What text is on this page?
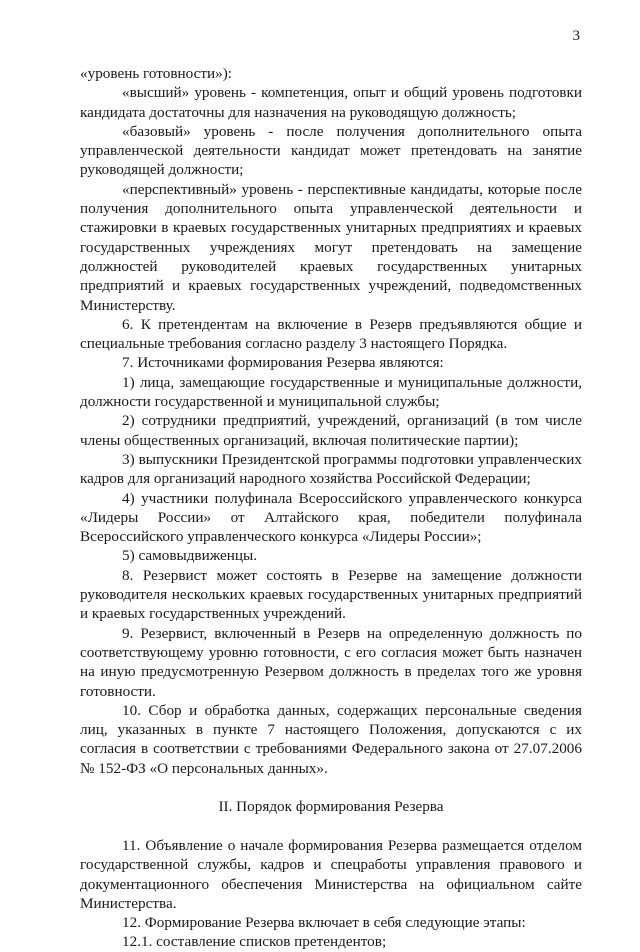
3

«уровень готовности»):

«высший» уровень - компетенция, опыт и общий уровень подготовки кандидата достаточны для назначения на руководящую должность;

«базовый» уровень - после получения дополнительного опыта управленческой деятельности кандидат может претендовать на занятие руководящей должности;

«перспективный» уровень - перспективные кандидаты, которые после получения дополнительного опыта управленческой деятельности и стажировки в краевых государственных унитарных предприятиях и краевых государственных учреждениях могут претендовать на замещение должностей руководителей краевых государственных унитарных предприятий и краевых государственных учреждений, подведомственных Министерству.

6. К претендентам на включение в Резерв предъявляются общие и специальные требования согласно разделу 3 настоящего Порядка.

7. Источниками формирования Резерва являются:

1) лица, замещающие государственные и муниципальные должности, должности государственной и муниципальной службы;

2) сотрудники предприятий, учреждений, организаций (в том числе члены общественных организаций, включая политические партии);

3) выпускники Президентской программы подготовки управленческих кадров для организаций народного хозяйства Российской Федерации;

4) участники полуфинала Всероссийского управленческого конкурса «Лидеры России» от Алтайского края, победители полуфинала Всероссийского управленческого конкурса «Лидеры России»;

5) самовыдвиженцы.

8. Резервист может состоять в Резерве на замещение должности руководителя нескольких краевых государственных унитарных предприятий и краевых государственных учреждений.

9. Резервист, включенный в Резерв на определенную должность по соответствующему уровню готовности, с его согласия может быть назначен на иную предусмотренную Резервом должность в пределах того же уровня готовности.

10. Сбор и обработка данных, содержащих персональные сведения лиц, указанных в пункте 7 настоящего Положения, допускаются с их согласия в соответствии с требованиями Федерального закона от 27.07.2006 № 152-ФЗ «О персональных данных».

II. Порядок формирования Резерва

11. Объявление о начале формирования Резерва размещается отделом государственной службы, кадров и спецработы управления правового и документационного обеспечения Министерства на официальном сайте Министерства.

12. Формирование Резерва включает в себя следующие этапы:

12.1. составление списков претендентов;
